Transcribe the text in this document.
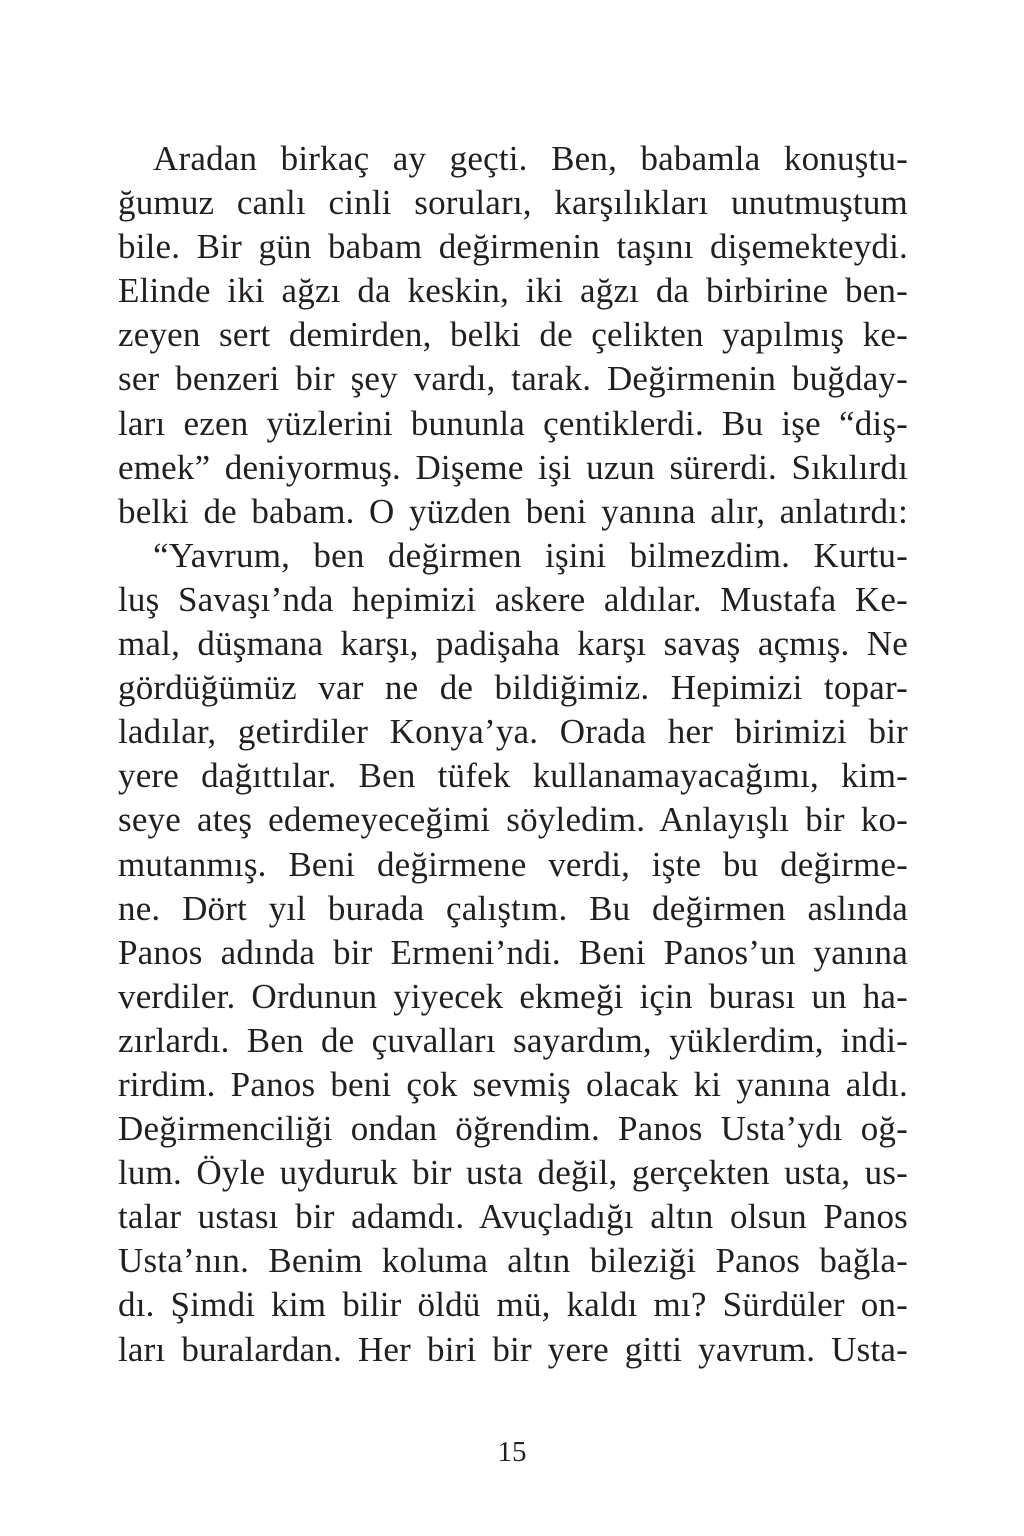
Aradan birkaç ay geçti. Ben, babamla konuştu-
ğumuz canlı cinli soruları, karşılıkları unutmuştum
bile. Bir gün babam değirmenin taşını dişemekteydi.
Elinde iki ağzı da keskin, iki ağzı da birbirine ben-
zeyen sert demirden, belki de çelikten yapılmış ke-
ser benzeri bir şey vardı, tarak. Değirmenin buğday-
ları ezen yüzlerini bununla çentiklerdi. Bu işe “diş-
emek” deniyormuş. Dişeme işi uzun sürerdi. Sıkılırdı
belki de babam. O yüzden beni yanına alır, anlatırdı:
“Yavrum, ben değirmen işini bilmezdim. Kurtu-
luş Savaşı’nda hepimizi askere aldılar. Mustafa Ke-
mal, düşmana karşı, padişaha karşı savaş açmış. Ne
gördüğümüz var ne de bildiğimiz. Hepimizi topar-
ladılar, getirdiler Konya’ya. Orada her birimizi bir
yere dağıttılar. Ben tüfek kullanamayacağımı, kim-
seye ateş edemeyeceğimi söyledim. Anlayışlı bir ko-
mutanmış. Beni değirmene verdi, işte bu değirme-
ne. Dört yıl burada çalıştım. Bu değirmen aslında
Panos adında bir Ermeni’ndi. Beni Panos’un yanına
verdiler. Ordunun yiyecek ekmeği için burası un ha-
zırlardı. Ben de çuvalları sayardım, yüklerdim, indi-
rirdim. Panos beni çok sevmiş olacak ki yanına aldı.
Değirmenciliği ondan öğrendim. Panos Usta’ydı oğ-
lum. Öyle uyduruk bir usta değil, gerçekten usta, us-
talar ustası bir adamdı. Avuçladığı altın olsun Panos
Usta’nın. Benim koluma altın bileziği Panos bağla-
dı. Şimdi kim bilir öldü mü, kaldı mı? Sürdüler on-
ları buralardan. Her biri bir yere gitti yavrum. Usta-
15
